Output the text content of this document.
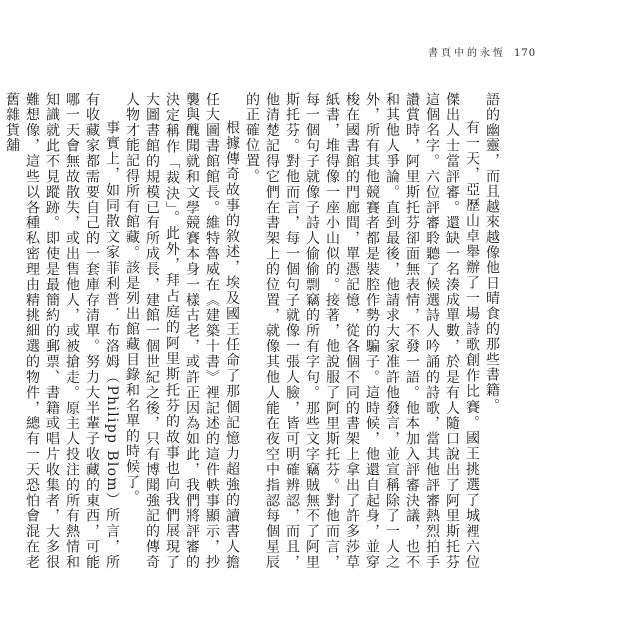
書頁中的永恆 170

語的幽靈，而且越來越像他日晴食的那些書籍。

有一天，亞歷山卓舉辦了一場詩歌創作比賽。國王挑選了城裡六位傑出人士當評審。還缺一名湊成單數，於是有人隨口說出了阿里斯托芬這個名字。六位評審聆聽了候選詩人吟誦的詩歌，當其他評審熱烈拍手讚賞時，阿里斯托芬卻面無表情，不發一語。他本加入評審決議，也不和其他人爭論。直到最後，他請求大家准許他發言，並宣稱除了一人之外，所有其他競賽者都是裝腔作勢的騙子。這時候，他還自起身，並穿梭在國書館的門廊間，單憑記憶，從各個不同的書架上拿出了許多莎草紙書，堆得像一座小山似的。接著，他說服了阿里斯托芬。對他而言，每一個句子就像子詩人偷偷剽竊的所有字句。那些文字竊賊無不了阿里斯托芬。對他而言，每一個句子就像一張人臉，皆可明確辨認，而且，他清楚記得它們在書架上的位置，就像其他人能在夜空中指認每個星辰的正確位置。

根據傳奇故事的敘述，埃及國王任命了那個記憶力超強的讀書人擔任大圖書館館長。維特魯威在《建築十書》裡記述的這件軼事顯示，抄襲與醜聞就和文學競賽本身一樣古老，或許正因為如此，我們將評審的決定稱作「裁決」。此外，拜占庭的阿里斯托芬的故事也向我們展現了大圖書館的規模已有所成長，建館一個世紀之後，只有博聞強記的傳奇人物才能記得所有館藏。該是列出館藏目錄和名單的時候了。

事實上，如同散文家菲利普．布洛姆（Philipp Blom）所言，所有收藏家都需要自己的一套庫存清單。努力大半輩子收藏的東西，可能哪一天會無故散失，或出售他人，或被搶走。原主人投注的所有熱情和知識就此不見蹤跡。即使是最簡約的郵票、書籍或唱片收集者，大多很難想像，這些以各種私密理由精挑細選的物件，總有一天恐怕會混在老舊雜貨舖
